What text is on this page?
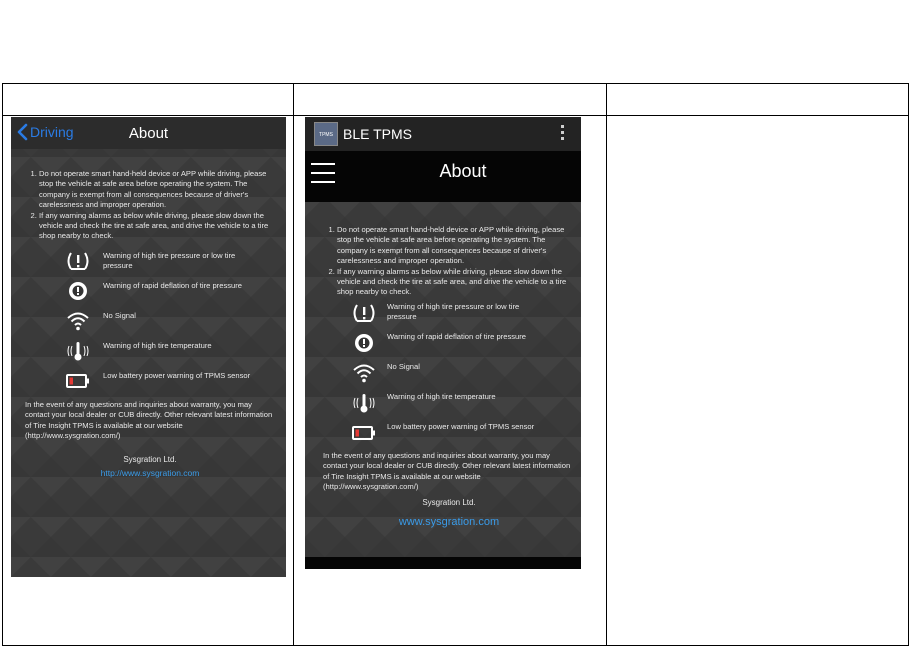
Driving	About
1. Do not operate smart hand-held device or APP while driving, please stop the vehicle at safe area before operating the system. The company is exempt from all consequences because of driver's carelessness and improper operation.
2. If any warning alarms as below while driving, please slow down the vehicle and check the tire at safe area, and drive the vehicle to a tire shop nearby to check.
Warning of high tire pressure or low tire pressure
Warning of rapid deflation of tire pressure
No Signal
Warning of high tire temperature
Low battery power warning of TPMS sensor
In the event of any questions and inquiries about warranty, you may contact your local dealer or CUB directly. Other relevant latest information of Tire Insight TPMS is available at our website (http://www.sysgration.com/)
Sysgration Ltd.
http://www.sysgration.com
TPMS BLE TPMS
About
1. Do not operate smart hand-held device or APP while driving, please stop the vehicle at safe area before operating the system. The company is exempt from all consequences because of driver's carelessness and improper operation.
2. If any warning alarms as below while driving, please slow down the vehicle and check the tire at safe area, and drive the vehicle to a tire shop nearby to check.
Warning of high tire pressure or low tire pressure
Warning of rapid deflation of tire pressure
No Signal
Warning of high tire temperature
Low battery power warning of TPMS sensor
In the event of any questions and inquiries about warranty, you may contact your local dealer or CUB directly. Other relevant latest information of Tire Insight TPMS is available at our website (http://www.sysgration.com/)
Sysgration Ltd.
www.sysgration.com
